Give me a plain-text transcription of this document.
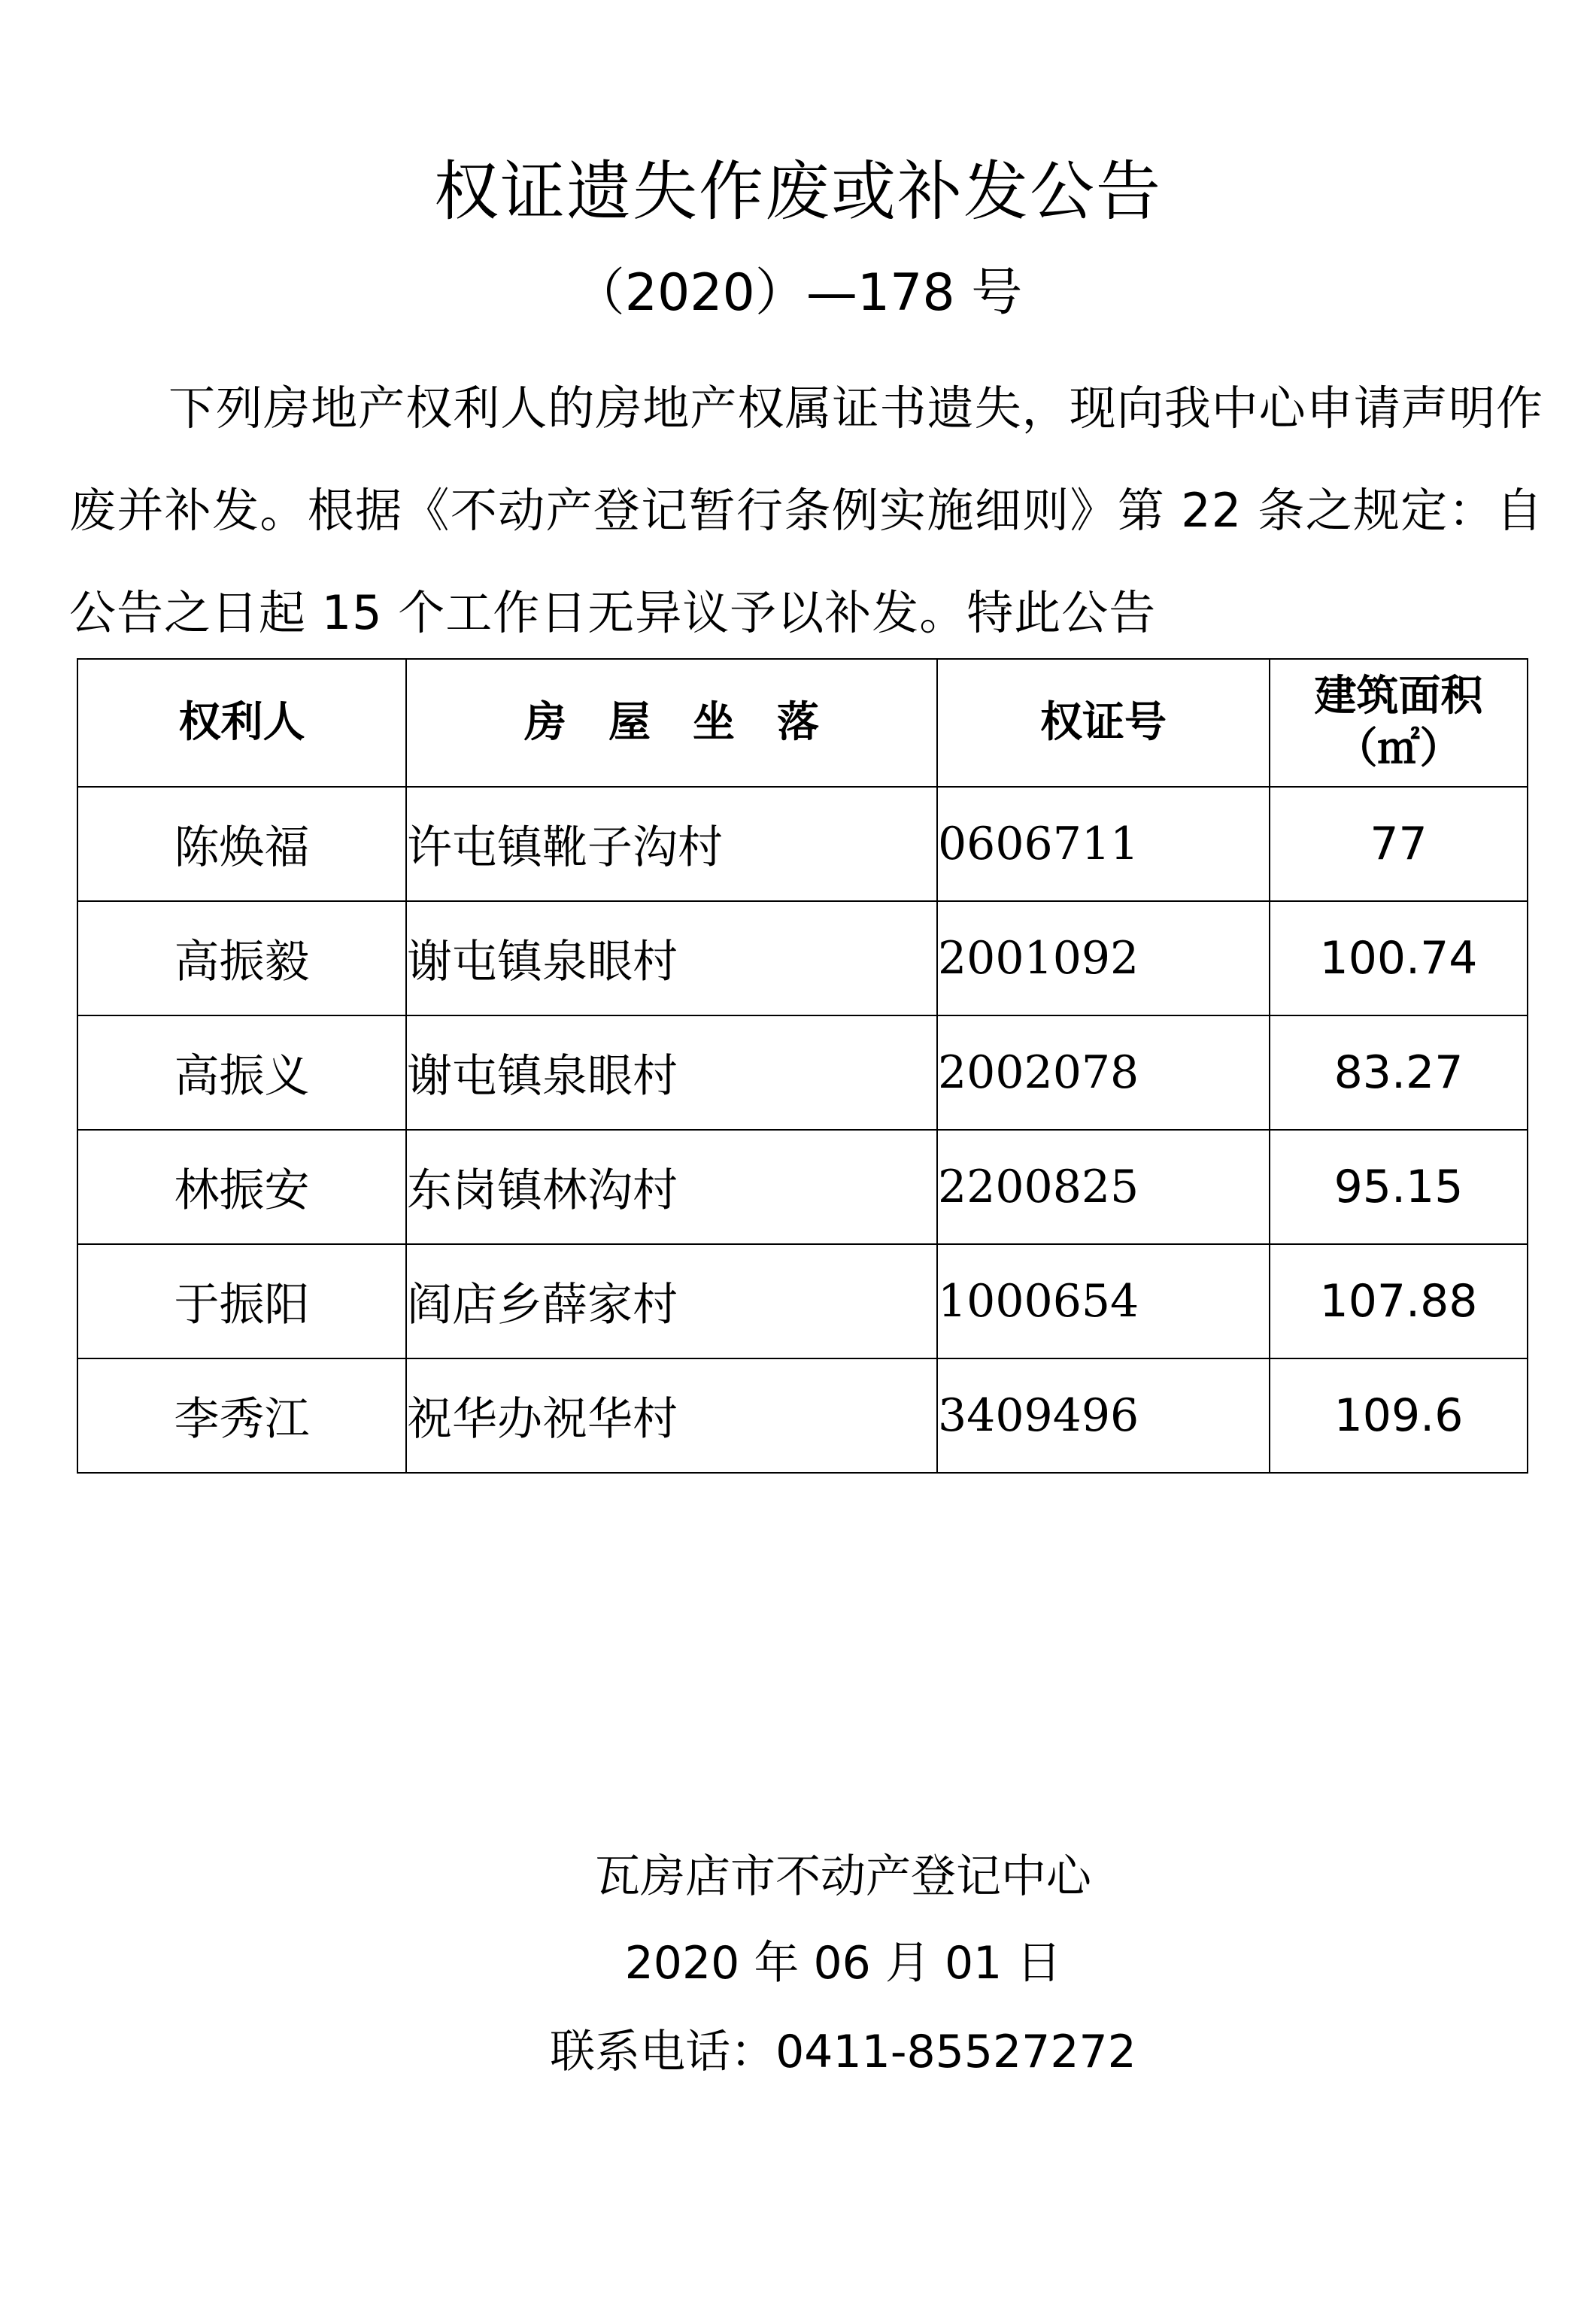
权证遗失作废或补发公告
（2020）—178 号
下列房地产权利人的房地产权属证书遗失，现向我中心申请声明作废并补发。根据《不动产登记暂行条例实施细则》第 22 条之规定：自公告之日起 15 个工作日无异议予以补发。特此公告
权利人	房　屋　坐　落	权证号	建筑面积
（㎡）

陈焕福	许屯镇靴子沟村	0606711	77
高振毅	谢屯镇泉眼村	2001092	100.74
高振义	谢屯镇泉眼村	2002078	83.27
林振安	东岗镇林沟村	2200825	95.15
于振阳	阎店乡薛家村	1000654	107.88
李秀江	祝华办祝华村	3409496	109.6
瓦房店市不动产登记中心
2020 年 06 月 01 日
联系电话：0411-85527272
